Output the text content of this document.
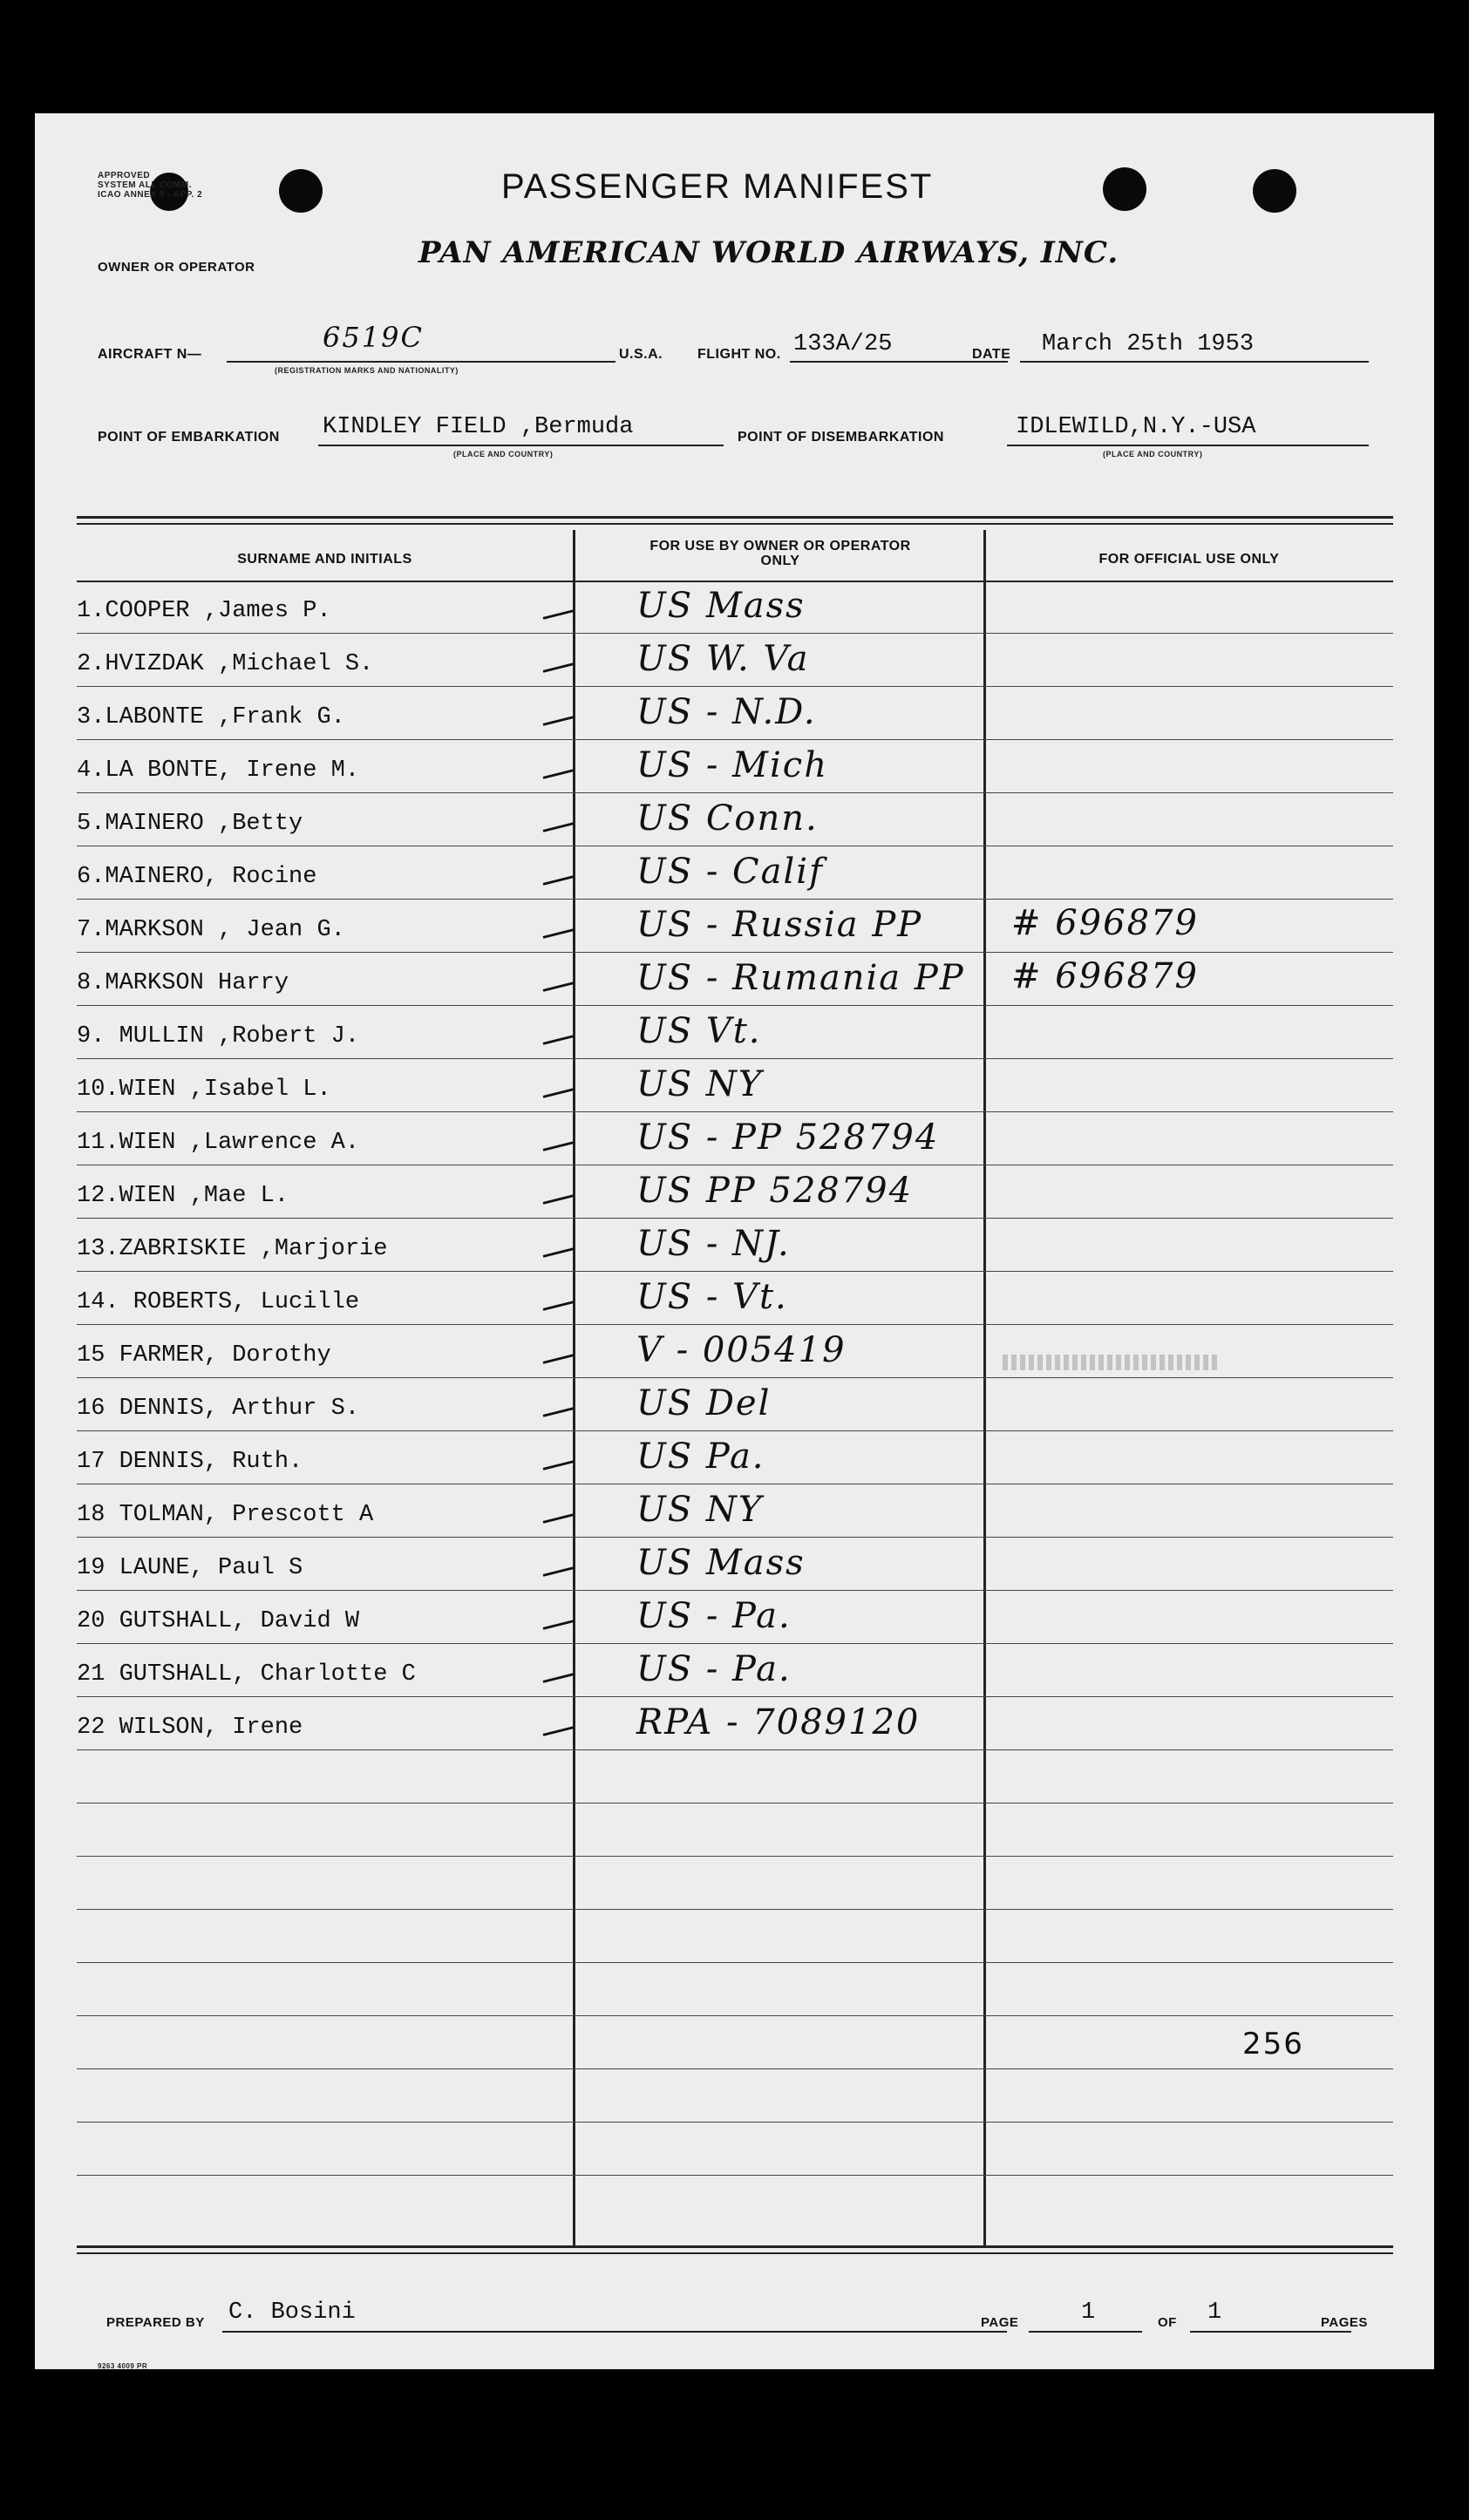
APPROVED
SYSTEM ALL COMM.
ICAO ANNEX 9 - APP. 2	PASSENGER MANIFEST
OWNER OR OPERATOR	PAN AMERICAN WORLD AIRWAYS, INC.
AIRCRAFT N—
6519C
(REGISTRATION MARKS AND NATIONALITY)
U.S.A. FLIGHT NO. 133A/25	DATE March 25th 1953
POINT OF EMBARKATION KINDLEY FIELD ,Bermuda
(PLACE AND COUNTRY)
POINT OF DISEMBARKATION	IDLEWILD,N.Y.-USA
(PLACE AND COUNTRY)
SURNAME AND INITIALS
FOR USE BY OWNER OR OPERATOR ONLY	FOR OFFICIAL USE ONLY
1.COOPER ,James P.	— US Mass
2.HVIZDAK ,Michael S.	— US W. Va
3.LABONTE ,Frank G.	— US - N.D.
4.LA BONTE, Irene M.	— US - Mich
5.MAINERO ,Betty	— US Conn.
6.MAINERO, Rocine	— US - Calif
7.MARKSON , Jean G.	— US - Russia PP	# 696879
8.MARKSON Harry	— US - Rumania PP # 696879
9. MULLIN ,Robert J.	— US Vt.
10.WIEN ,Isabel L.	— US NY
11.WIEN ,Lawrence A.	— US - PP 528794
12.WIEN ,Mae L.	— US PP 528794
13.ZABRISKIE ,Marjorie	— US - NJ.
14. ROBERTS, Lucille	— US - Vt.
15 FARMER, Dorothy	— V - 005419
16 DENNIS, Arthur S.	— US Del
17 DENNIS, Ruth.	— US Pa.
18 TOLMAN, Prescott A	— US NY
19 LAUNE, Paul S	— US Mass
20 GUTSHALL, David W	— US - Pa.
21 GUTSHALL, Charlotte C	— US - Pa.
22 WILSON, Irene	— RPA - 7089120
256
PREPARED BY C. Bosini	PAGE	1	OF 1	PAGES
9263 4009 PR
